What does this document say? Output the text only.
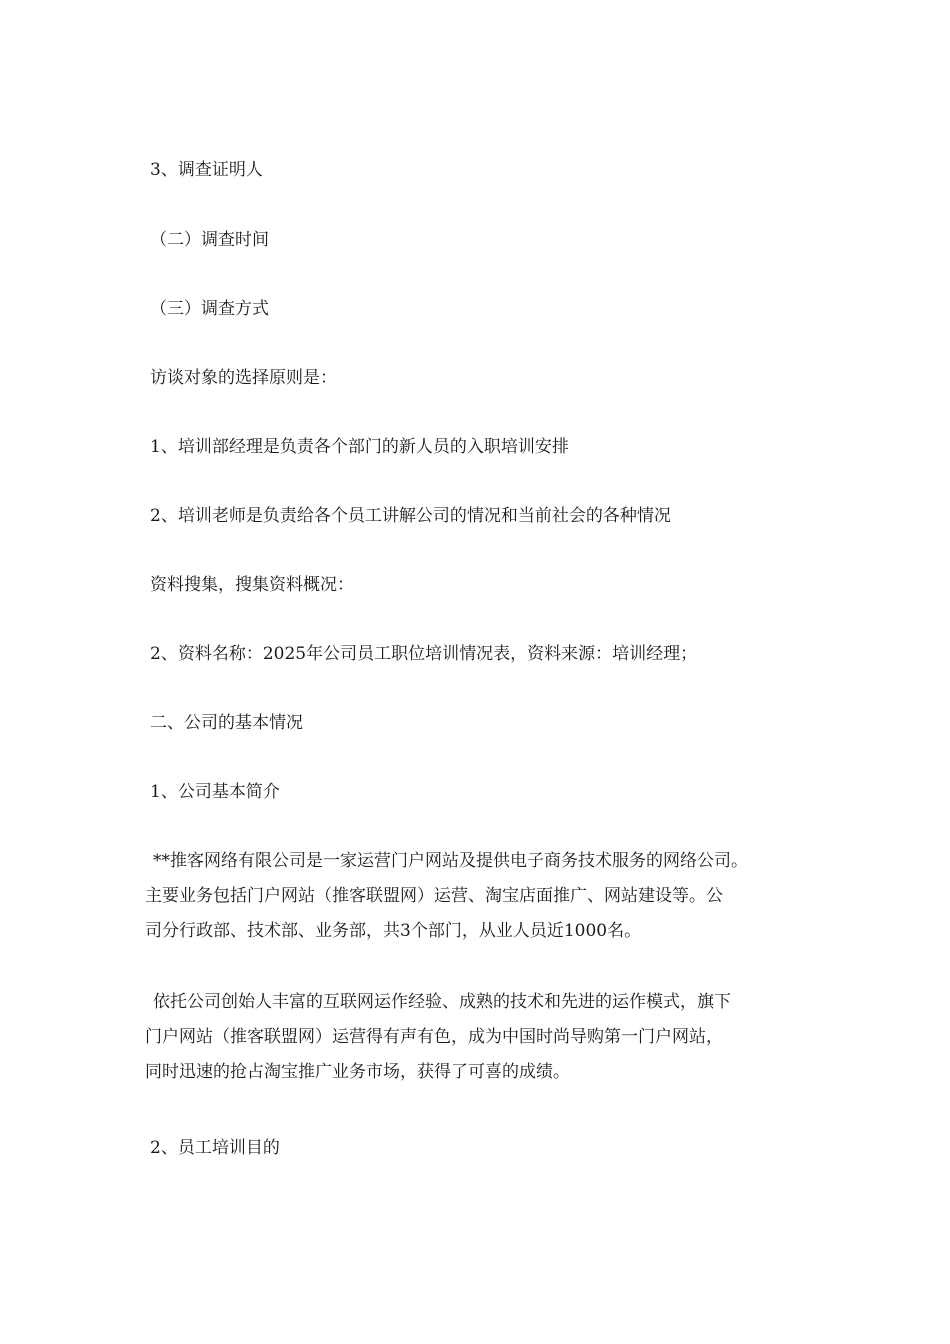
3、调查证明人
（二）调查时间
（三）调查方式
访谈对象的选择原则是：
1、培训部经理是负责各个部门的新人员的入职培训安排
2、培训老师是负责给各个员工讲解公司的情况和当前社会的各种情况
资料搜集，搜集资料概况：
2、资料名称：2025年公司员工职位培训情况表，资料来源：培训经理；
二、公司的基本情况
1、公司基本简介
**推客网络有限公司是一家运营门户网站及提供电子商务技术服务的网络公司。
主要业务包括门户网站（推客联盟网）运营、淘宝店面推广、网站建设等。公
司分行政部、技术部、业务部，共3个部门，从业人员近1000名。
依托公司创始人丰富的互联网运作经验、成熟的技术和先进的运作模式，旗下
门户网站（推客联盟网）运营得有声有色，成为中国时尚导购第一门户网站，
同时迅速的抢占淘宝推广业务市场，获得了可喜的成绩。
2、员工培训目的
